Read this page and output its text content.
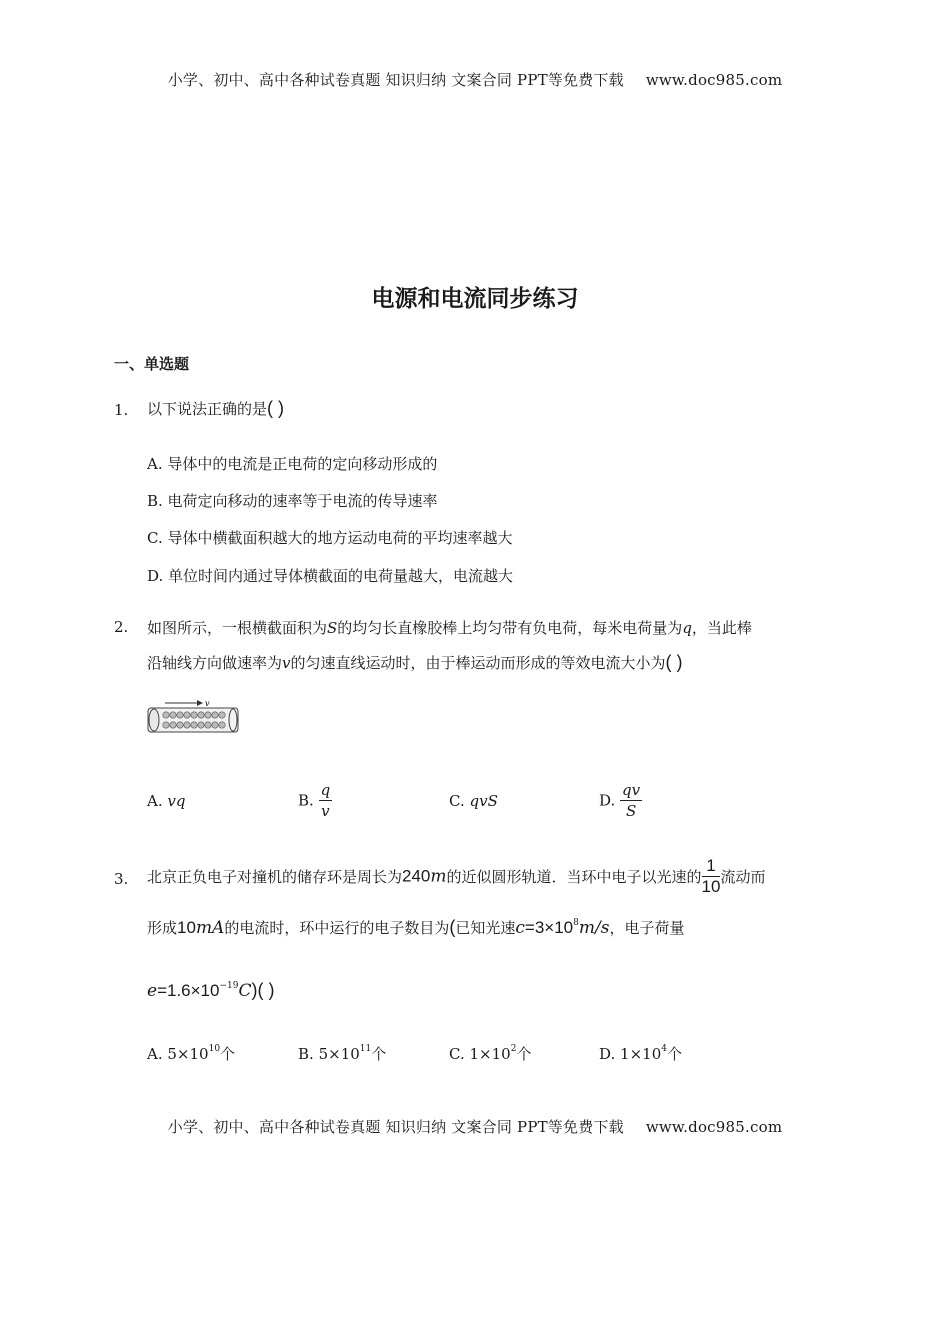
小学、初中、高中各种试卷真题 知识归纳 文案合同 PPT等免费下载 www.doc985.com
电源和电流同步练习
一、单选题
1. 以下说法正确的是( )
A. 导体中的电流是正电荷的定向移动形成的
B. 电荷定向移动的速率等于电流的传导速率
C. 导体中横截面积越大的地方运动电荷的平均速率越大
D. 单位时间内通过导体横截面的电荷量越大，电流越大
2. 如图所示，一根横截面积为S的均匀长直橡胶棒上均匀带有负电荷，每米电荷量为q，当此棒
沿轴线方向做速率为v的匀速直线运动时，由于棒运动而形成的等效电流大小为( )
v
A. vq	B. $\frac{q}{v}$	C. qvS	D. $\frac{qv}{S}$
3. 北京正负电子对撞机的储存环是周长为240m的近似圆形轨道．当环中电子以光速的 $\frac{1}{10}$ 流动而
形成10mA的电流时，环中运行的电子数目为(已知光速$c=3\times 10^8m/s$，电子荷量
$e=1.6\times 10^{-19}C$)( )
A. $5\times 10^{10}$个	B. $5\times 10^{11}$个	C. $1\times 10^2$个	D. $1\times 10^4$个
小学、初中、高中各种试卷真题 知识归纳 文案合同 PPT等免费下载 www.doc985.com
